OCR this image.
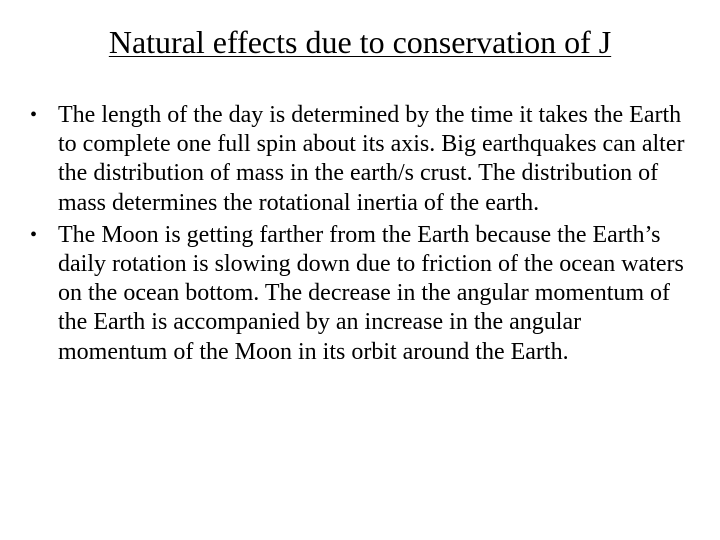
Natural effects due to conservation of J
• The length of the day is determined by the time it takes the Earth to complete one full spin about its axis. Big earthquakes can alter the distribution of mass in the earth/s crust. The distribution of mass determines the rotational inertia of the earth.
• The Moon is getting farther from the Earth because the Earth’s daily rotation is slowing down due to friction of the ocean waters on the ocean bottom. The decrease in the angular momentum of the Earth is accompanied by an increase in the angular momentum of the Moon in its orbit around the Earth.
